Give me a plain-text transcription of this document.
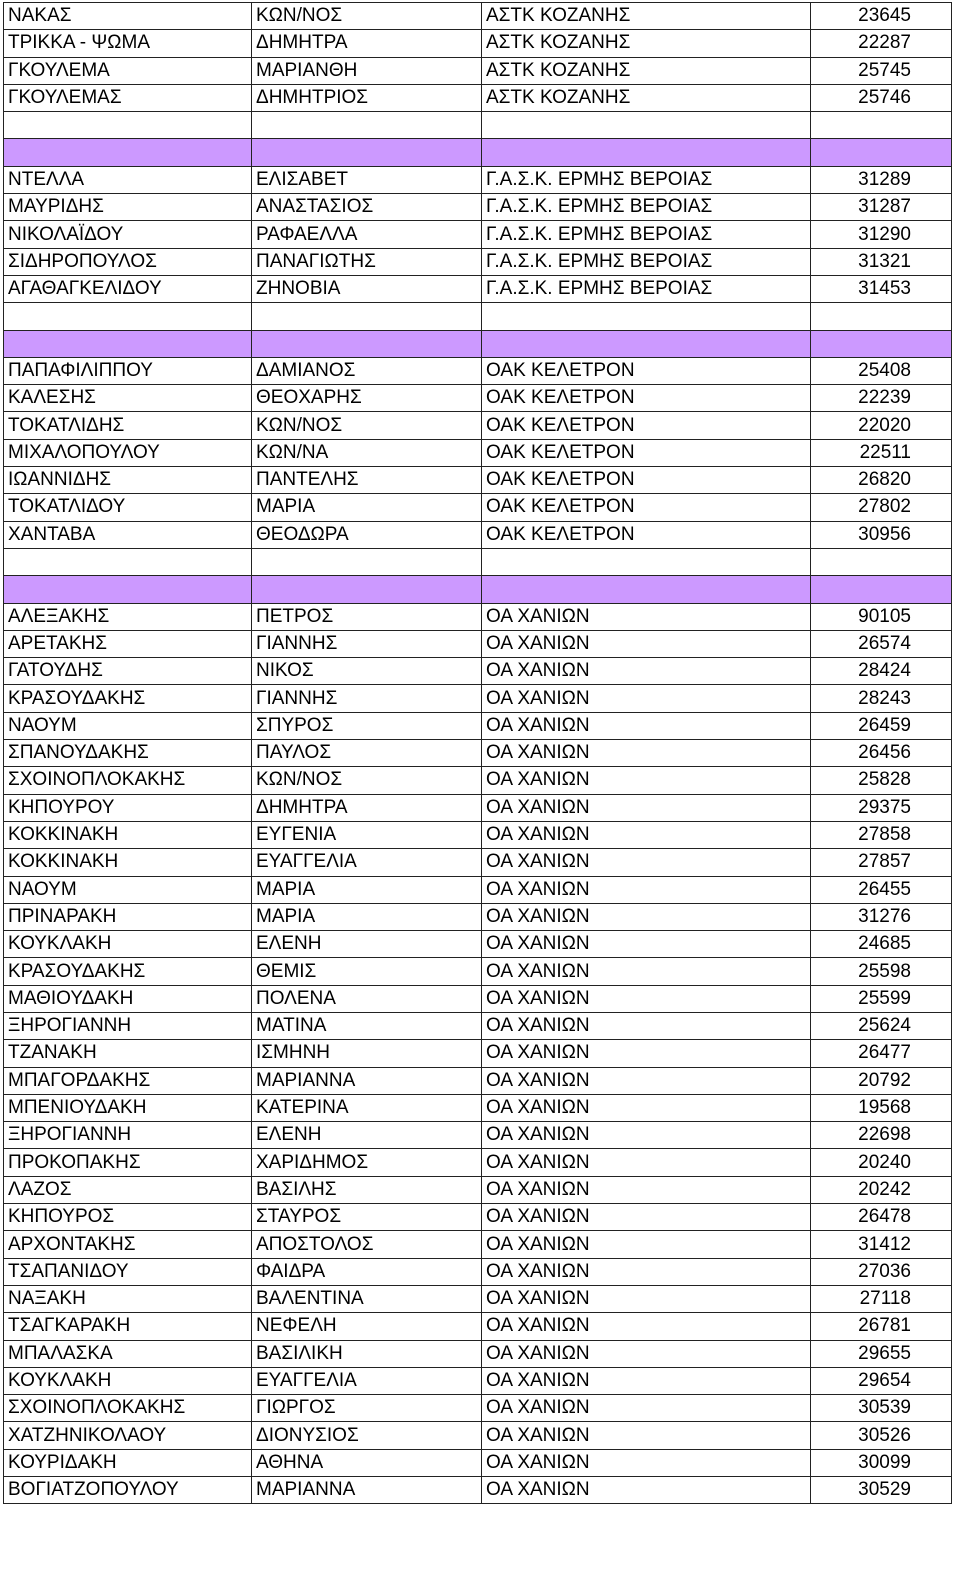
ΝΑΚΑΣ	ΚΩΝ/ΝΟΣ	ΑΣΤΚ ΚΟΖΑΝΗΣ	23645
ΤΡΙΚΚΑ - ΨΩΜΑ	ΔΗΜΗΤΡΑ	ΑΣΤΚ ΚΟΖΑΝΗΣ	22287
ΓΚΟΥΛΕΜΑ	ΜΑΡΙΑΝΘΗ	ΑΣΤΚ ΚΟΖΑΝΗΣ	25745
ΓΚΟΥΛΕΜΑΣ	ΔΗΜΗΤΡΙΟΣ	ΑΣΤΚ ΚΟΖΑΝΗΣ	25746

ΝΤΕΛΛΑ	ΕΛΙΣΑΒΕΤ	Γ.Α.Σ.Κ. ΕΡΜΗΣ ΒΕΡΟΙΑΣ	31289
ΜΑΥΡΙΔΗΣ	ΑΝΑΣΤΑΣΙΟΣ	Γ.Α.Σ.Κ. ΕΡΜΗΣ ΒΕΡΟΙΑΣ	31287
ΝΙΚΟΛΑΪΔΟΥ	ΡΑΦΑΕΛΛΑ	Γ.Α.Σ.Κ. ΕΡΜΗΣ ΒΕΡΟΙΑΣ	31290
ΣΙΔΗΡΟΠΟΥΛΟΣ	ΠΑΝΑΓΙΩΤΗΣ	Γ.Α.Σ.Κ. ΕΡΜΗΣ ΒΕΡΟΙΑΣ	31321
ΑΓΑΘΑΓΚΕΛΙΔΟΥ	ΖΗΝΟΒΙΑ	Γ.Α.Σ.Κ. ΕΡΜΗΣ ΒΕΡΟΙΑΣ	31453

ΠΑΠΑΦΙΛΙΠΠΟΥ	ΔΑΜΙΑΝΟΣ	ΟΑΚ ΚΕΛΕΤΡΟΝ	25408
ΚΑΛΕΣΗΣ	ΘΕΟΧΑΡΗΣ	ΟΑΚ ΚΕΛΕΤΡΟΝ	22239
ΤΟΚΑΤΛΙΔΗΣ	ΚΩΝ/ΝΟΣ	ΟΑΚ ΚΕΛΕΤΡΟΝ	22020
ΜΙΧΑΛΟΠΟΥΛΟΥ	ΚΩΝ/ΝΑ	ΟΑΚ ΚΕΛΕΤΡΟΝ	22511
ΙΩΑΝΝΙΔΗΣ	ΠΑΝΤΕΛΗΣ	ΟΑΚ ΚΕΛΕΤΡΟΝ	26820
ΤΟΚΑΤΛΙΔΟΥ	ΜΑΡΙΑ	ΟΑΚ ΚΕΛΕΤΡΟΝ	27802
ΧΑΝΤΑΒΑ	ΘΕΟΔΩΡΑ	ΟΑΚ ΚΕΛΕΤΡΟΝ	30956

ΑΛΕΞΑΚΗΣ	ΠΕΤΡΟΣ	ΟΑ ΧΑΝΙΩΝ	90105
ΑΡΕΤΑΚΗΣ	ΓΙΑΝΝΗΣ	ΟΑ ΧΑΝΙΩΝ	26574
ΓΑΤΟΥΔΗΣ	ΝΙΚΟΣ	ΟΑ ΧΑΝΙΩΝ	28424
ΚΡΑΣΟΥΔΑΚΗΣ	ΓΙΑΝΝΗΣ	ΟΑ ΧΑΝΙΩΝ	28243
ΝΑΟΥΜ	ΣΠΥΡΟΣ	ΟΑ ΧΑΝΙΩΝ	26459
ΣΠΑΝΟΥΔΑΚΗΣ	ΠΑΥΛΟΣ	ΟΑ ΧΑΝΙΩΝ	26456
ΣΧΟΙΝΟΠΛΟΚΑΚΗΣ	ΚΩΝ/ΝΟΣ	ΟΑ ΧΑΝΙΩΝ	25828
ΚΗΠΟΥΡΟΥ	ΔΗΜΗΤΡΑ	ΟΑ ΧΑΝΙΩΝ	29375
ΚΟΚΚΙΝΑΚΗ	ΕΥΓΕΝΙΑ	ΟΑ ΧΑΝΙΩΝ	27858
ΚΟΚΚΙΝΑΚΗ	ΕΥΑΓΓΕΛΙΑ	ΟΑ ΧΑΝΙΩΝ	27857
ΝΑΟΥΜ	ΜΑΡΙΑ	ΟΑ ΧΑΝΙΩΝ	26455
ΠΡΙΝΑΡΑΚΗ	ΜΑΡΙΑ	ΟΑ ΧΑΝΙΩΝ	31276
ΚΟΥΚΛΑΚΗ	ΕΛΕΝΗ	ΟΑ ΧΑΝΙΩΝ	24685
ΚΡΑΣΟΥΔΑΚΗΣ	ΘΕΜΙΣ	ΟΑ ΧΑΝΙΩΝ	25598
ΜΑΘΙΟΥΔΑΚΗ	ΠΟΛΕΝΑ	ΟΑ ΧΑΝΙΩΝ	25599
ΞΗΡΟΓΙΑΝΝΗ	ΜΑΤΙΝΑ	ΟΑ ΧΑΝΙΩΝ	25624
ΤΖΑΝΑΚΗ	ΙΣΜΗΝΗ	ΟΑ ΧΑΝΙΩΝ	26477
ΜΠΑΓΟΡΔΑΚΗΣ	ΜΑΡΙΑΝΝΑ	ΟΑ ΧΑΝΙΩΝ	20792
ΜΠΕΝΙΟΥΔΑΚΗ	ΚΑΤΕΡΙΝΑ	ΟΑ ΧΑΝΙΩΝ	19568
ΞΗΡΟΓΙΑΝΝΗ	ΕΛΕΝΗ	ΟΑ ΧΑΝΙΩΝ	22698
ΠΡΟΚΟΠΑΚΗΣ	ΧΑΡΙΔΗΜΟΣ	ΟΑ ΧΑΝΙΩΝ	20240
ΛΑΖΟΣ	ΒΑΣΙΛΗΣ	ΟΑ ΧΑΝΙΩΝ	20242
ΚΗΠΟΥΡΟΣ	ΣΤΑΥΡΟΣ	ΟΑ ΧΑΝΙΩΝ	26478
ΑΡΧΟΝΤΑΚΗΣ	ΑΠΟΣΤΟΛΟΣ	ΟΑ ΧΑΝΙΩΝ	31412
ΤΣΑΠΑΝΙΔΟΥ	ΦΑΙΔΡΑ	ΟΑ ΧΑΝΙΩΝ	27036
ΝΑΞΑΚΗ	ΒΑΛΕΝΤΙΝΑ	ΟΑ ΧΑΝΙΩΝ	27118
ΤΣΑΓΚΑΡΑΚΗ	ΝΕΦΕΛΗ	ΟΑ ΧΑΝΙΩΝ	26781
ΜΠΑΛΑΣΚΑ	ΒΑΣΙΛΙΚΗ	ΟΑ ΧΑΝΙΩΝ	29655
ΚΟΥΚΛΑΚΗ	ΕΥΑΓΓΕΛΙΑ	ΟΑ ΧΑΝΙΩΝ	29654
ΣΧΟΙΝΟΠΛΟΚΑΚΗΣ	ΓΙΩΡΓΟΣ	ΟΑ ΧΑΝΙΩΝ	30539
ΧΑΤΖΗΝΙΚΟΛΑΟΥ	ΔΙΟΝΥΣΙΟΣ	ΟΑ ΧΑΝΙΩΝ	30526
ΚΟΥΡΙΔΑΚΗ	ΑΘΗΝΑ	ΟΑ ΧΑΝΙΩΝ	30099
ΒΟΓΙΑΤΖΟΠΟΥΛΟΥ	ΜΑΡΙΑΝΝΑ	ΟΑ ΧΑΝΙΩΝ	30529
